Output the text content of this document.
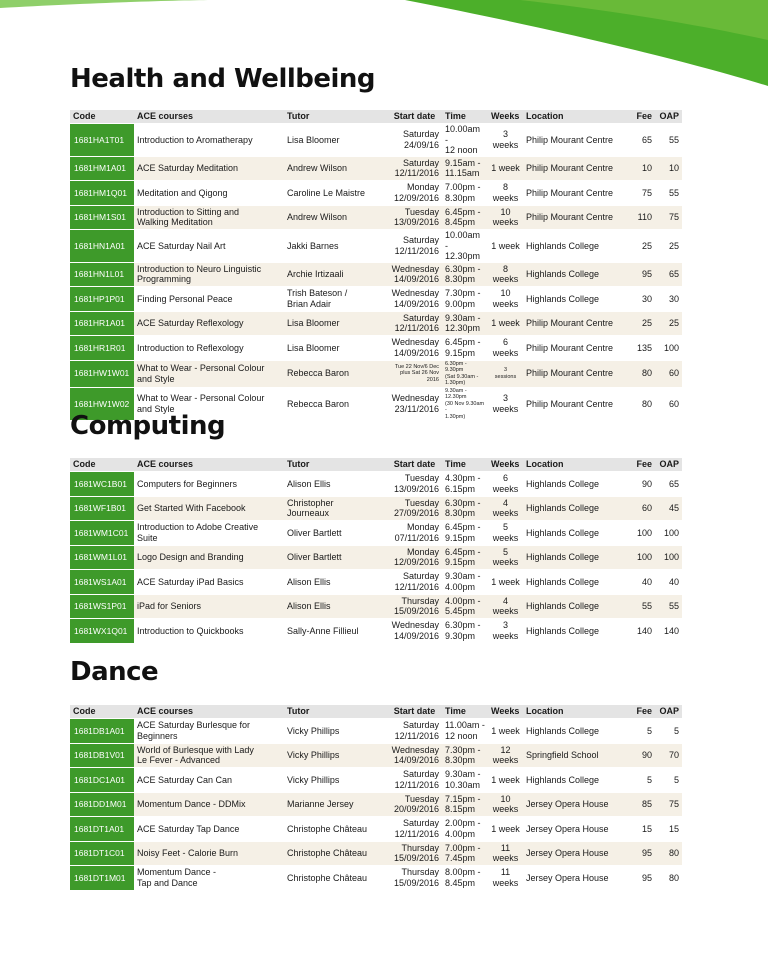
Health and Wellbeing
Code	ACE courses	Tutor	Start date	Time	Weeks	Location	Fee	OAP
1681HA1T01	Introduction to Aromatherapy	Lisa Bloomer	Saturday
24/09/16	10.00am -
12 noon	3
weeks	Philip Mourant Centre	65	55
1681HM1A01	ACE Saturday Meditation	Andrew Wilson	Saturday
12/11/2016	9.15am -
11.15am	1 week	Philip Mourant Centre	10	10
1681HM1Q01	Meditation and Qigong	Caroline Le Maistre	Monday
12/09/2016	7.00pm -
8.30pm	8
weeks	Philip Mourant Centre	75	55
1681HM1S01	Introduction to Sitting and
Walking Meditation	Andrew Wilson	Tuesday
13/09/2016	6.45pm -
8.45pm	10
weeks	Philip Mourant Centre	110	75
1681HN1A01	ACE Saturday Nail Art	Jakki Barnes	Saturday
12/11/2016	10.00am -
12.30pm	1 week	Highlands College	25	25
1681HN1L01	Introduction to Neuro Linguistic
Programming	Archie Irtizaali	Wednesday
14/09/2016	6.30pm -
8.30pm	8
weeks	Highlands College	95	65
1681HP1P01	Finding Personal Peace	Trish Bateson /
Brian Adair	Wednesday
14/09/2016	7.30pm -
9.00pm	10
weeks	Highlands College	30	30
1681HR1A01	ACE Saturday Reflexology	Lisa Bloomer	Saturday
12/11/2016	9.30am -
12.30pm	1 week	Philip Mourant Centre	25	25
1681HR1R01	Introduction to Reflexology	Lisa Bloomer	Wednesday
14/09/2016	6.45pm -
9.15pm	6
weeks	Philip Mourant Centre	135	100
1681HW1W01	What to Wear - Personal Colour
and Style	Rebecca Baron	Tue 22 Nov/6 Dec
plus Sat 26 Nov
2016	6.30pm - 9.30pm
(Sat 9.30am -
1.30pm)	3
sessions	Philip Mourant Centre	80	60
1681HW1W02	What to Wear - Personal Colour
and Style	Rebecca Baron	Wednesday
23/11/2016	9.30am - 12.30pm
(30 Nov 9.30am -
1.30pm)	3
weeks	Philip Mourant Centre	80	60
Computing
Code	ACE courses	Tutor	Start date	Time	Weeks	Location	Fee	OAP
1681WC1B01	Computers for Beginners	Alison Ellis	Tuesday
13/09/2016	4.30pm -
6.15pm	6
weeks	Highlands College	90	65
1681WF1B01	Get Started With Facebook	Christopher
Journeaux	Tuesday
27/09/2016	6.30pm -
8.30pm	4
weeks	Highlands College	60	45
1681WM1C01	Introduction to Adobe Creative
Suite	Oliver Bartlett	Monday
07/11/2016	6.45pm -
9.15pm	5
weeks	Highlands College	100	100
1681WM1L01	Logo Design and Branding	Oliver Bartlett	Monday
12/09/2016	6.45pm -
9.15pm	5
weeks	Highlands College	100	100
1681WS1A01	ACE Saturday iPad Basics	Alison Ellis	Saturday
12/11/2016	9.30am -
4.00pm	1 week	Highlands College	40	40
1681WS1P01	iPad for Seniors	Alison Ellis	Thursday
15/09/2016	4.00pm -
5.45pm	4
weeks	Highlands College	55	55
1681WX1Q01	Introduction to Quickbooks	Sally-Anne Fillieul	Wednesday
14/09/2016	6.30pm -
9.30pm	3
weeks	Highlands College	140	140
Dance
Code	ACE courses	Tutor	Start date	Time	Weeks	Location	Fee	OAP
1681DB1A01	ACE Saturday Burlesque for
Beginners	Vicky Phillips	Saturday
12/11/2016	11.00am -
12 noon	1 week	Highlands College	5	5
1681DB1V01	World of Burlesque with Lady
Le Fever - Advanced	Vicky Phillips	Wednesday
14/09/2016	7.30pm -
8.30pm	12
weeks	Springfield School	90	70
1681DC1A01	ACE Saturday Can Can	Vicky Phillips	Saturday
12/11/2016	9.30am -
10.30am	1 week	Highlands College	5	5
1681DD1M01	Momentum Dance - DDMix	Marianne Jersey	Tuesday
20/09/2016	7.15pm -
8.15pm	10
weeks	Jersey Opera House	85	75
1681DT1A01	ACE Saturday Tap Dance	Christophe Château	Saturday
12/11/2016	2.00pm -
4.00pm	1 week	Jersey Opera House	15	15
1681DT1C01	Noisy Feet - Calorie Burn	Christophe Château	Thursday
15/09/2016	7.00pm -
7.45pm	11
weeks	Jersey Opera House	95	80
1681DT1M01	Momentum Dance -
Tap and Dance	Christophe Château	Thursday
15/09/2016	8.00pm -
8.45pm	11
weeks	Jersey Opera House	95	80
